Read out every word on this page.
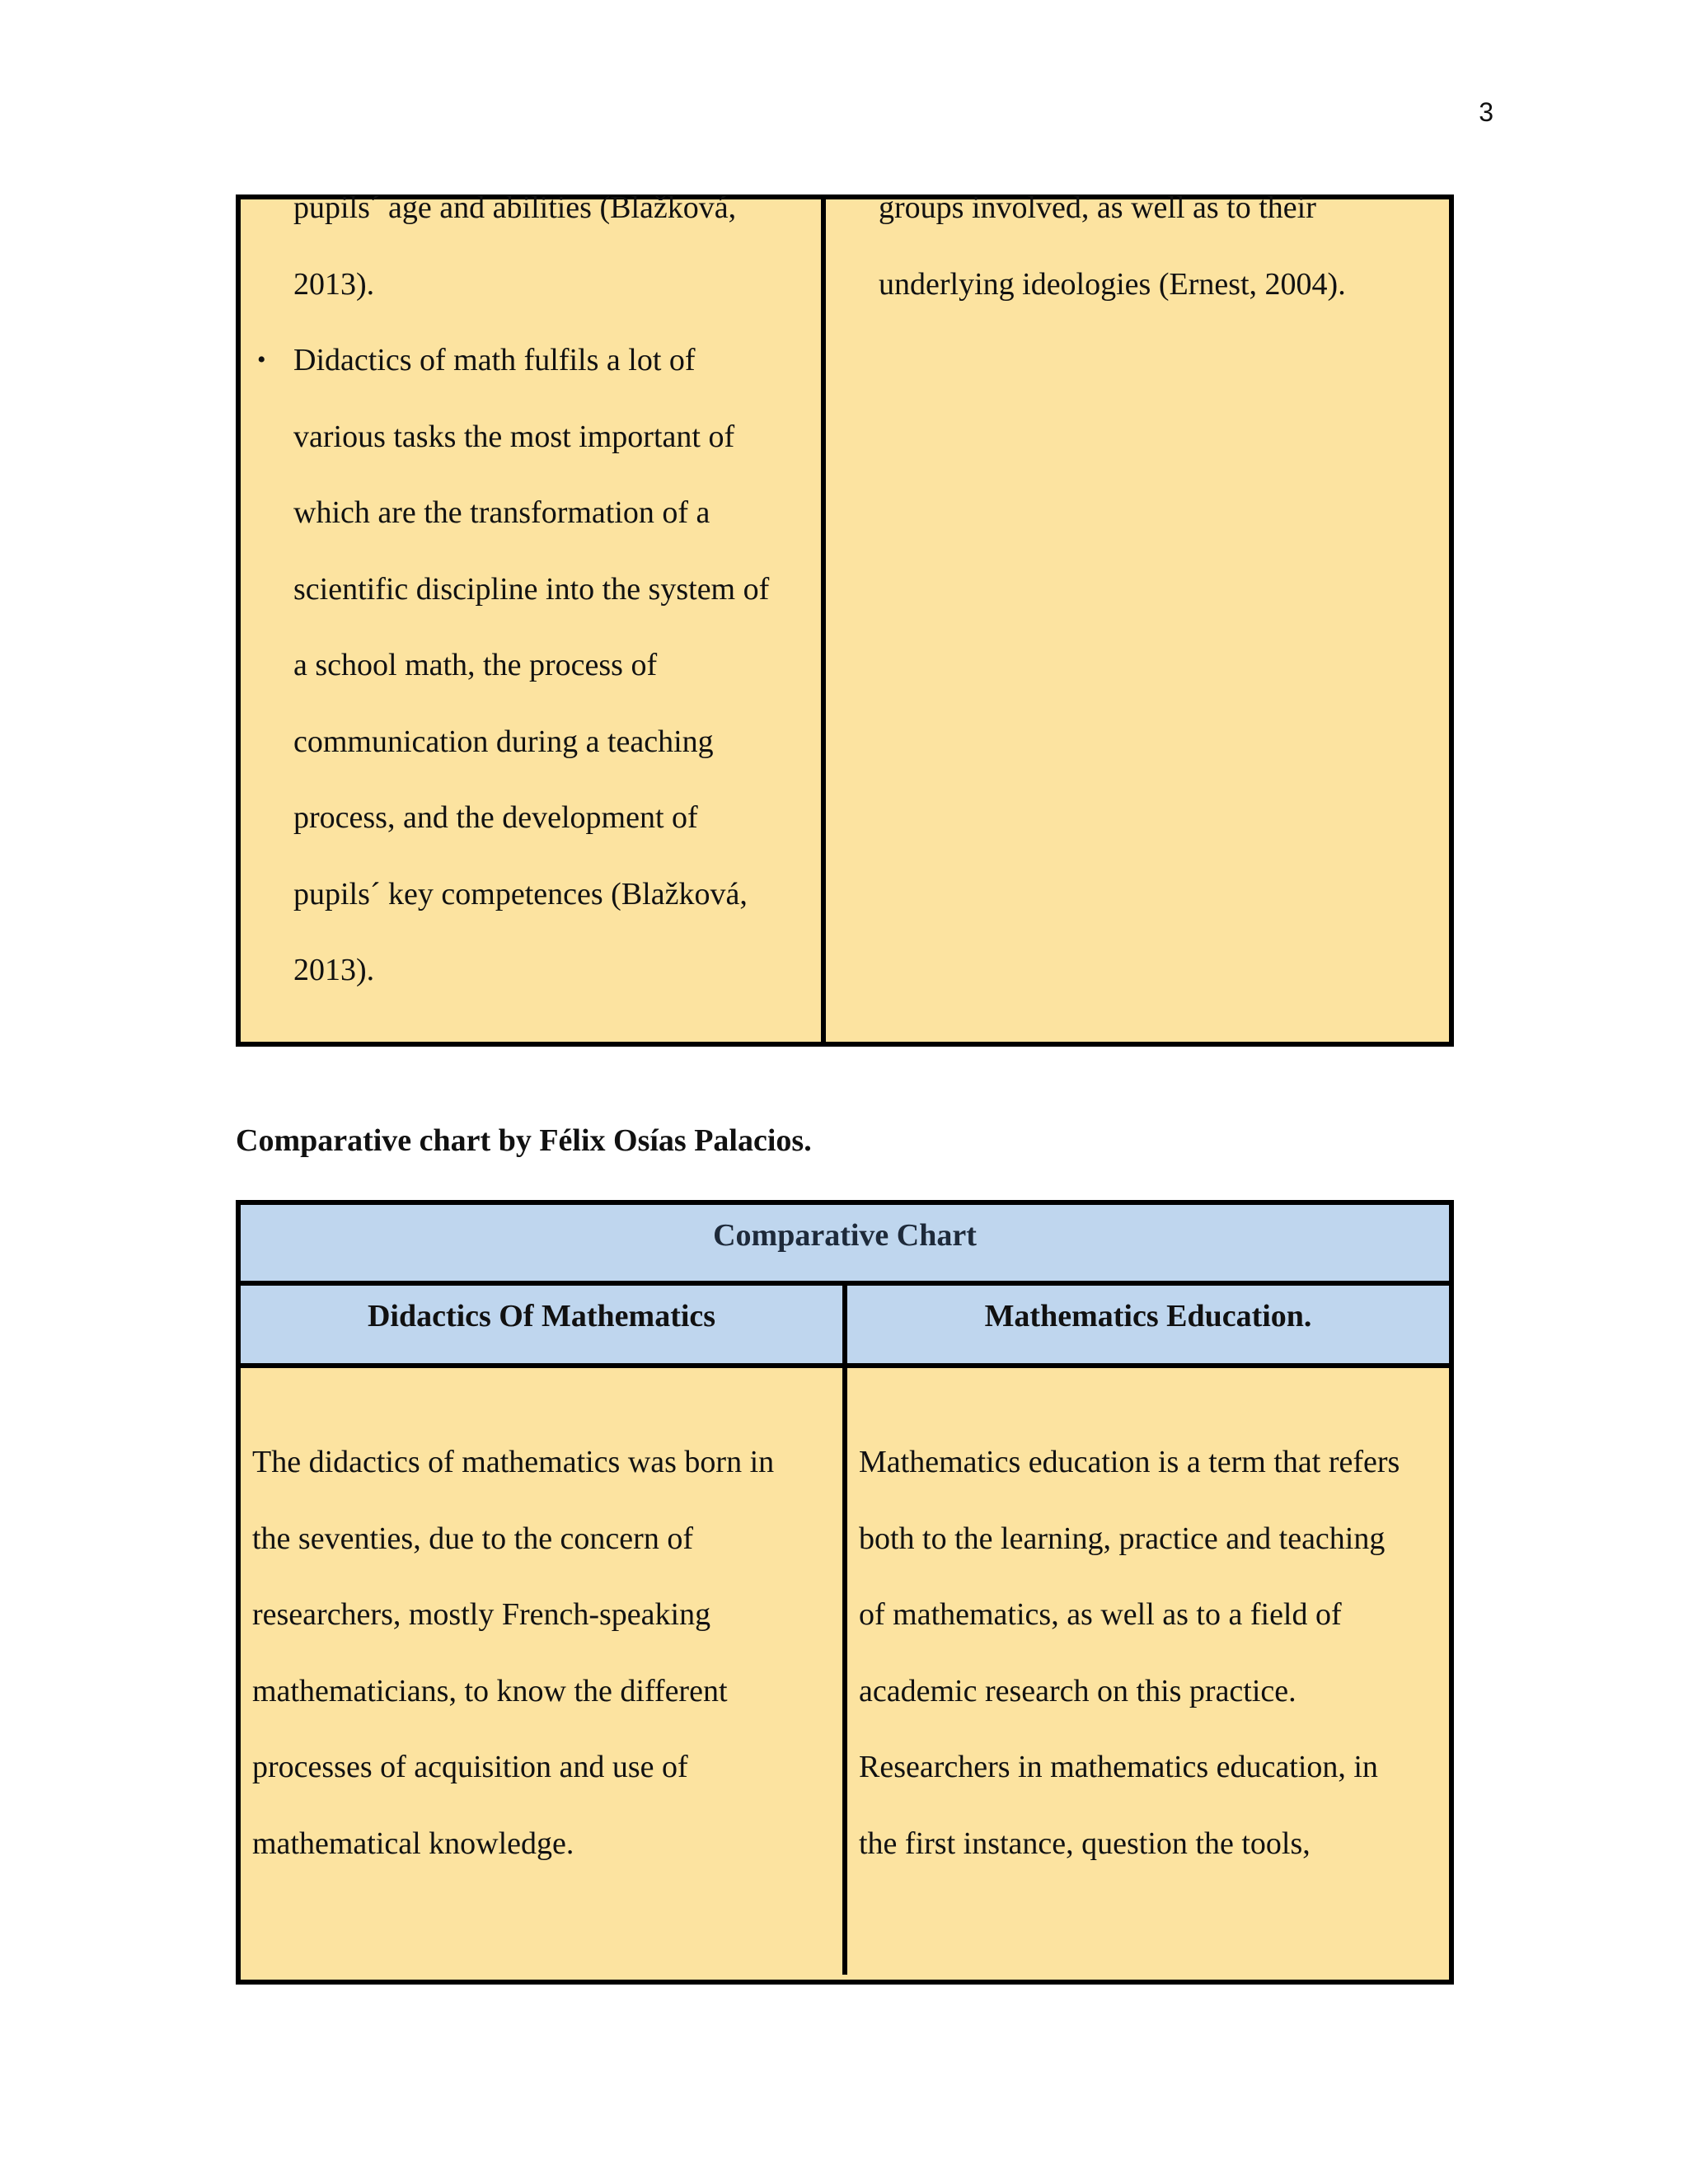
3
pupils´ age and abilities (Blažková,
2013).
• Didactics of math fulfils a lot of
various tasks the most important of
which are the transformation of a
scientific discipline into the system of
a school math, the process of
communication during a teaching
process, and the development of
pupils´ key competences (Blažková,
2013).
groups involved, as well as to their
underlying ideologies (Ernest, 2004).
Comparative chart by Félix Osías Palacios.
Comparative Chart
Didactics Of Mathematics	Mathematics Education.
The didactics of mathematics was born in
the seventies, due to the concern of
researchers, mostly French-speaking
mathematicians, to know the different
processes of acquisition and use of
mathematical knowledge.
Mathematics education is a term that refers
both to the learning, practice and teaching
of mathematics, as well as to a field of
academic research on this practice.
Researchers in mathematics education, in
the first instance, question the tools,
